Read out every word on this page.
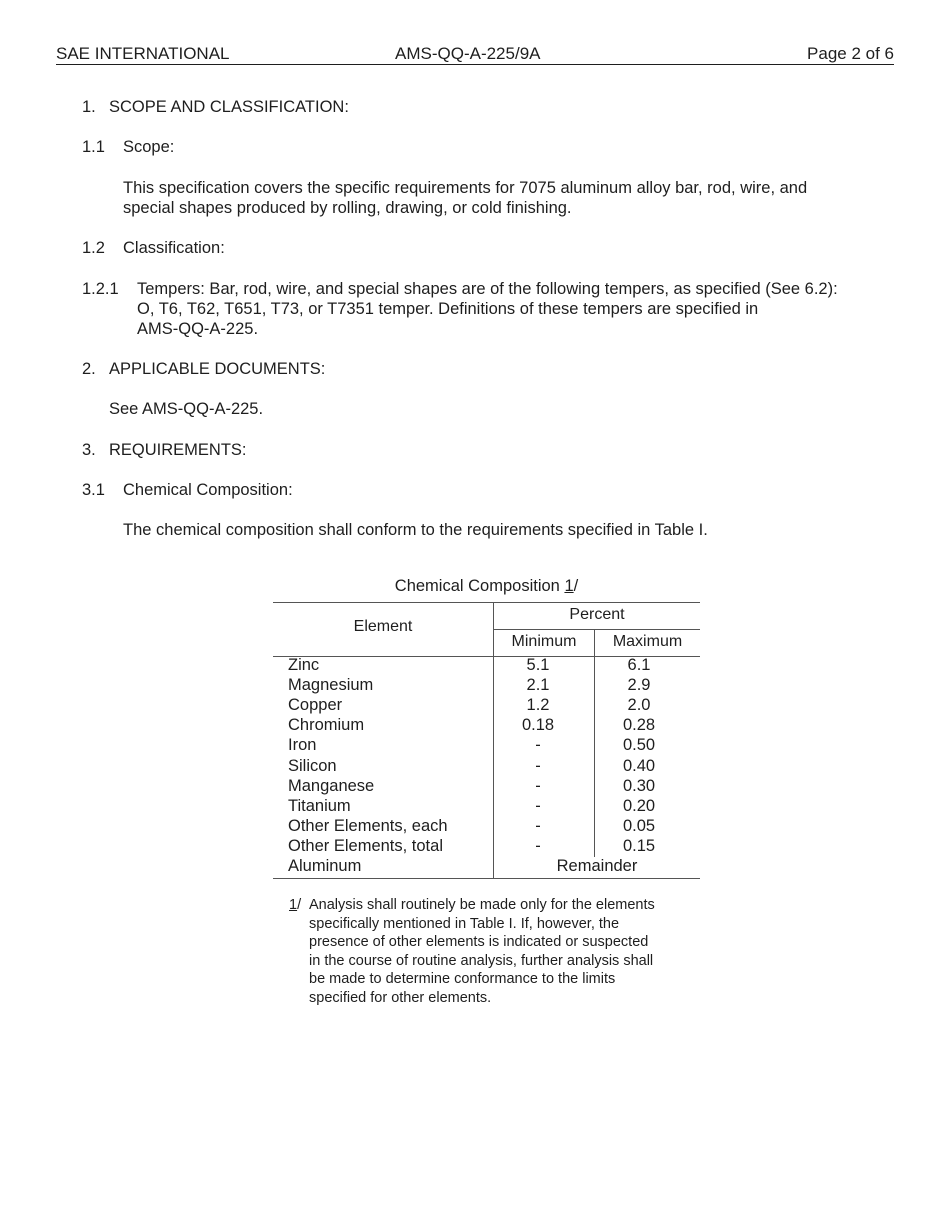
SAE INTERNATIONAL	AMS-QQ-A-225/9A	Page 2 of 6
1. SCOPE AND CLASSIFICATION:
1.1 Scope:
This specification covers the specific requirements for 7075 aluminum alloy bar, rod, wire, and
special shapes produced by rolling, drawing, or cold finishing.
1.2 Classification:
1.2.1 Tempers: Bar, rod, wire, and special shapes are of the following tempers, as specified (See 6.2):
O, T6, T62, T651, T73, or T7351 temper. Definitions of these tempers are specified in
AMS-QQ-A-225.
2. APPLICABLE DOCUMENTS:
See AMS-QQ-A-225.
3. REQUIREMENTS:
3.1 Chemical Composition:
The chemical composition shall conform to the requirements specified in Table I.
Chemical Composition 1/
Element
Percent
Minimum	Maximum
Zinc	5.1	6.1
Magnesium	2.1	2.9
Copper	1.2	2.0
Chromium	0.18	0.28
Iron	-	0.50
Silicon	-	0.40
Manganese	-	0.30
Titanium	-	0.20
Other Elements, each	-	0.05
Other Elements, total	-	0.15
Aluminum	Remainder
1/ Analysis shall routinely be made only for the elements
specifically mentioned in Table I. If, however, the
presence of other elements is indicated or suspected
in the course of routine analysis, further analysis shall
be made to determine conformance to the limits
specified for other elements.
